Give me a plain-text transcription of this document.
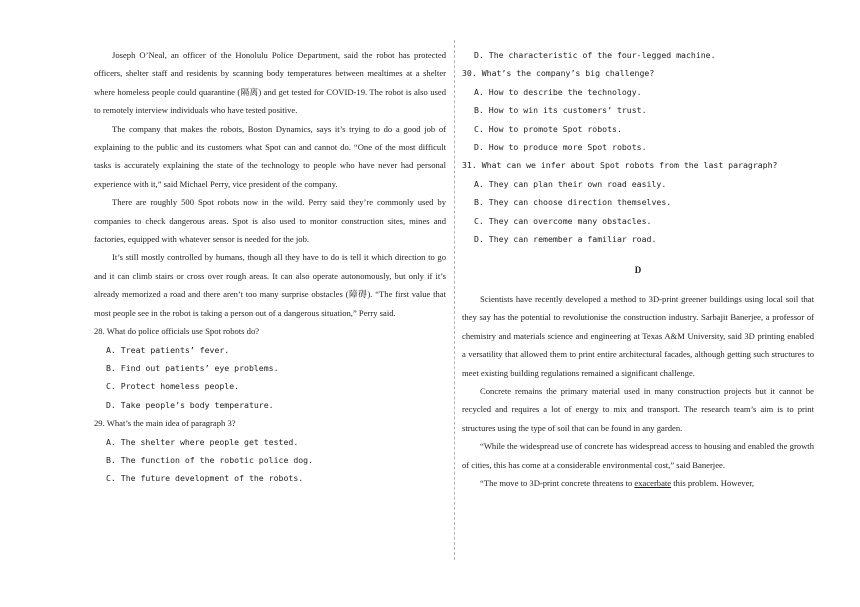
Joseph O’Neal, an officer of the Honolulu Police Department, said the robot has protected officers, shelter staff and residents by scanning body temperatures between mealtimes at a shelter where homeless people could quarantine (隔离) and get tested for COVID-19. The robot is also used to remotely interview individuals who have tested positive.

The company that makes the robots, Boston Dynamics, says it’s trying to do a good job of explaining to the public and its customers what Spot can and cannot do. “One of the most difficult tasks is accurately explaining the state of the technology to people who have never had personal experience with it,” said Michael Perry, vice president of the company.

There are roughly 500 Spot robots now in the wild. Perry said they’re commonly used by companies to check dangerous areas. Spot is also used to monitor construction sites, mines and factories, equipped with whatever sensor is needed for the job.

It’s still mostly controlled by humans, though all they have to do is tell it which direction to go and it can climb stairs or cross over rough areas. It can also operate autonomously, but only if it’s already memorized a road and there aren’t too many surprise obstacles (障碍). “The first value that most people see in the robot is taking a person out of a dangerous situation,” Perry said.

28. What do police officials use Spot robots do?

A. Treat patients’ fever.

B. Find out patients’ eye problems.

C. Protect homeless people.

D. Take people’s body temperature.

29. What’s the main idea of paragraph 3?

A. The shelter where people get tested.

B. The function of the robotic police dog.

C. The future development of the robots.

D. The characteristic of the four-legged machine.

30. What’s the company’s big challenge?

A. How to describe the technology.

B. How to win its customers’ trust.

C. How to promote Spot robots.

D. How to produce more Spot robots.

31. What can we infer about Spot robots from the last paragraph?

A. They can plan their own road easily.

B. They can choose direction themselves.

C. They can overcome many obstacles.

D. They can remember a familiar road.

D

Scientists have recently developed a method to 3D-print greener buildings using local soil that they say has the potential to revolutionise the construction industry. Sarbajit Banerjee, a professor of chemistry and materials science and engineering at Texas A&M University, said 3D printing enabled a versatility that allowed them to print entire architectural facades, although getting such structures to meet existing building regulations remained a significant challenge.

Concrete remains the primary material used in many construction projects but it cannot be recycled and requires a lot of energy to mix and transport. The research team’s aim is to print structures using the type of soil that can be found in any garden.

“While the widespread use of concrete has widespread access to housing and enabled the growth of cities, this has come at a considerable environmental cost,” said Banerjee.

“The move to 3D-print concrete threatens to exacerbate this problem. However,
